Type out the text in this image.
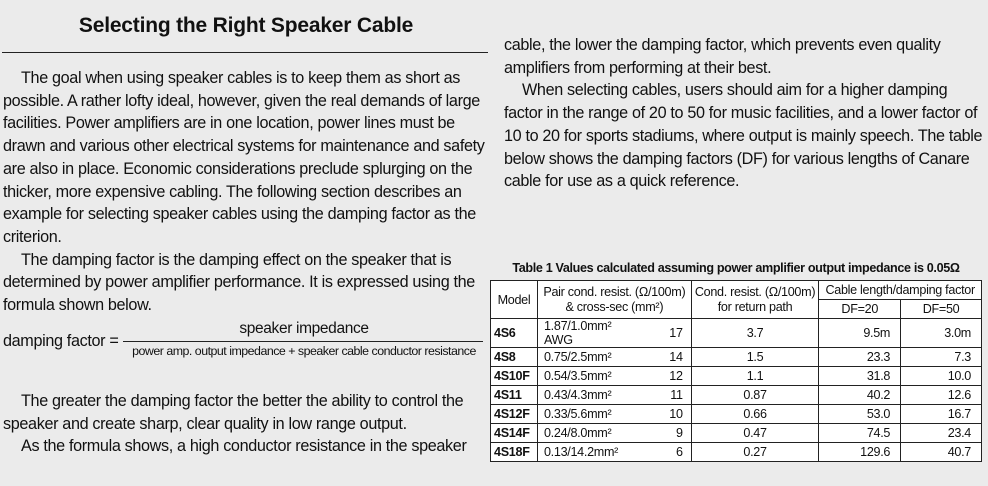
Selecting the Right Speaker Cable

The goal when using speaker cables is to keep them as short as possible. A rather lofty ideal, however, given the real demands of large facilities. Power amplifiers are in one location, power lines must be drawn and various other electrical systems for maintenance and safety are also in place. Economic considerations preclude splurging on the thicker, more expensive cabling. The following section describes an example for selecting speaker cables using the damping factor as the criterion.

The damping factor is the damping effect on the speaker that is determined by power amplifier performance. It is expressed using the formula shown below.

damping factor =
speaker impedance
power amp. output impedance + speaker cable conductor resistance

The greater the damping factor the better the ability to control the speaker and create sharp, clear quality in low range output.

As the formula shows, a high conductor resistance in the speaker

cable, the lower the damping factor, which prevents even quality amplifiers from performing at their best.

When selecting cables, users should aim for a higher damping factor in the range of 20 to 50 for music facilities, and a lower factor of 10 to 20 for sports stadiums, where output is mainly speech. The table below shows the damping factors (DF) for various lengths of Canare cable for use as a quick reference.

Table 1 Values calculated assuming power amplifier output impedance is 0.05Ω
Model	Pair cond. resist. (Ω/100m) & cross-sec (mm²)		Cond. resist. (Ω/100m) for return path	Cable length/damping factor	
				DF=20	DF=50
4S6	1.87/1.0mm² AWG	17	3.7	9.5m	3.0m
4S8	0.75/2.5mm²	14	1.5	23.3	7.3
4S10F	0.54/3.5mm²	12	1.1	31.8	10.0
4S11	0.43/4.3mm²	11	0.87	40.2	12.6
4S12F	0.33/5.6mm²	10	0.66	53.0	16.7
4S14F	0.24/8.0mm²	9	0.47	74.5	23.4
4S18F	0.13/14.2mm²	6	0.27	129.6	40.7
